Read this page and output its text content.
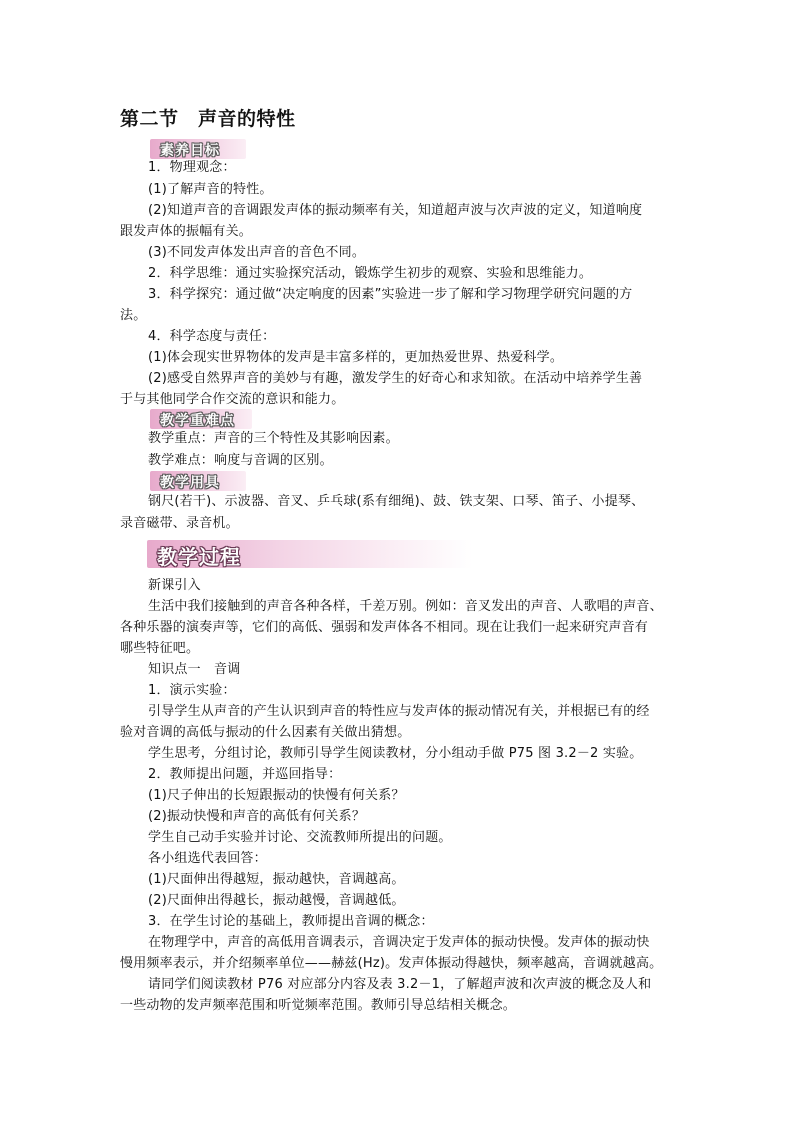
第二节　声音的特性
素养目标
1．物理观念：
(1)了解声音的特性。
(2)知道声音的音调跟发声体的振动频率有关，知道超声波与次声波的定义，知道响度
跟发声体的振幅有关。
(3)不同发声体发出声音的音色不同。
2．科学思维：通过实验探究活动，锻炼学生初步的观察、实验和思维能力。
3．科学探究：通过做“决定响度的因素”实验进一步了解和学习物理学研究问题的方
法。
4．科学态度与责任：
(1)体会现实世界物体的发声是丰富多样的，更加热爱世界、热爱科学。
(2)感受自然界声音的美妙与有趣，激发学生的好奇心和求知欲。在活动中培养学生善
于与其他同学合作交流的意识和能力。
教学重难点
教学重点：声音的三个特性及其影响因素。
教学难点：响度与音调的区别。
教学用具
钢尺(若干)、示波器、音叉、乒乓球(系有细绳)、鼓、铁支架、口琴、笛子、小提琴、
录音磁带、录音机。
教学过程
新课引入
生活中我们接触到的声音各种各样，千差万别。例如：音叉发出的声音、人歌唱的声音、
各种乐器的演奏声等，它们的高低、强弱和发声体各不相同。现在让我们一起来研究声音有
哪些特征吧。
知识点一　音调
1．演示实验：
引导学生从声音的产生认识到声音的特性应与发声体的振动情况有关，并根据已有的经
验对音调的高低与振动的什么因素有关做出猜想。
学生思考，分组讨论，教师引导学生阅读教材，分小组动手做 P75 图 3.2－2 实验。
2．教师提出问题，并巡回指导：
(1)尺子伸出的长短跟振动的快慢有何关系？
(2)振动快慢和声音的高低有何关系？
学生自己动手实验并讨论、交流教师所提出的问题。
各小组选代表回答：
(1)尺面伸出得越短，振动越快，音调越高。
(2)尺面伸出得越长，振动越慢，音调越低。
3．在学生讨论的基础上，教师提出音调的概念：
在物理学中，声音的高低用音调表示，音调决定于发声体的振动快慢。发声体的振动快
慢用频率表示，并介绍频率单位——赫兹(Hz)。发声体振动得越快，频率越高，音调就越高。
请同学们阅读教材 P76 对应部分内容及表 3.2－1，了解超声波和次声波的概念及人和
一些动物的发声频率范围和听觉频率范围。教师引导总结相关概念。
